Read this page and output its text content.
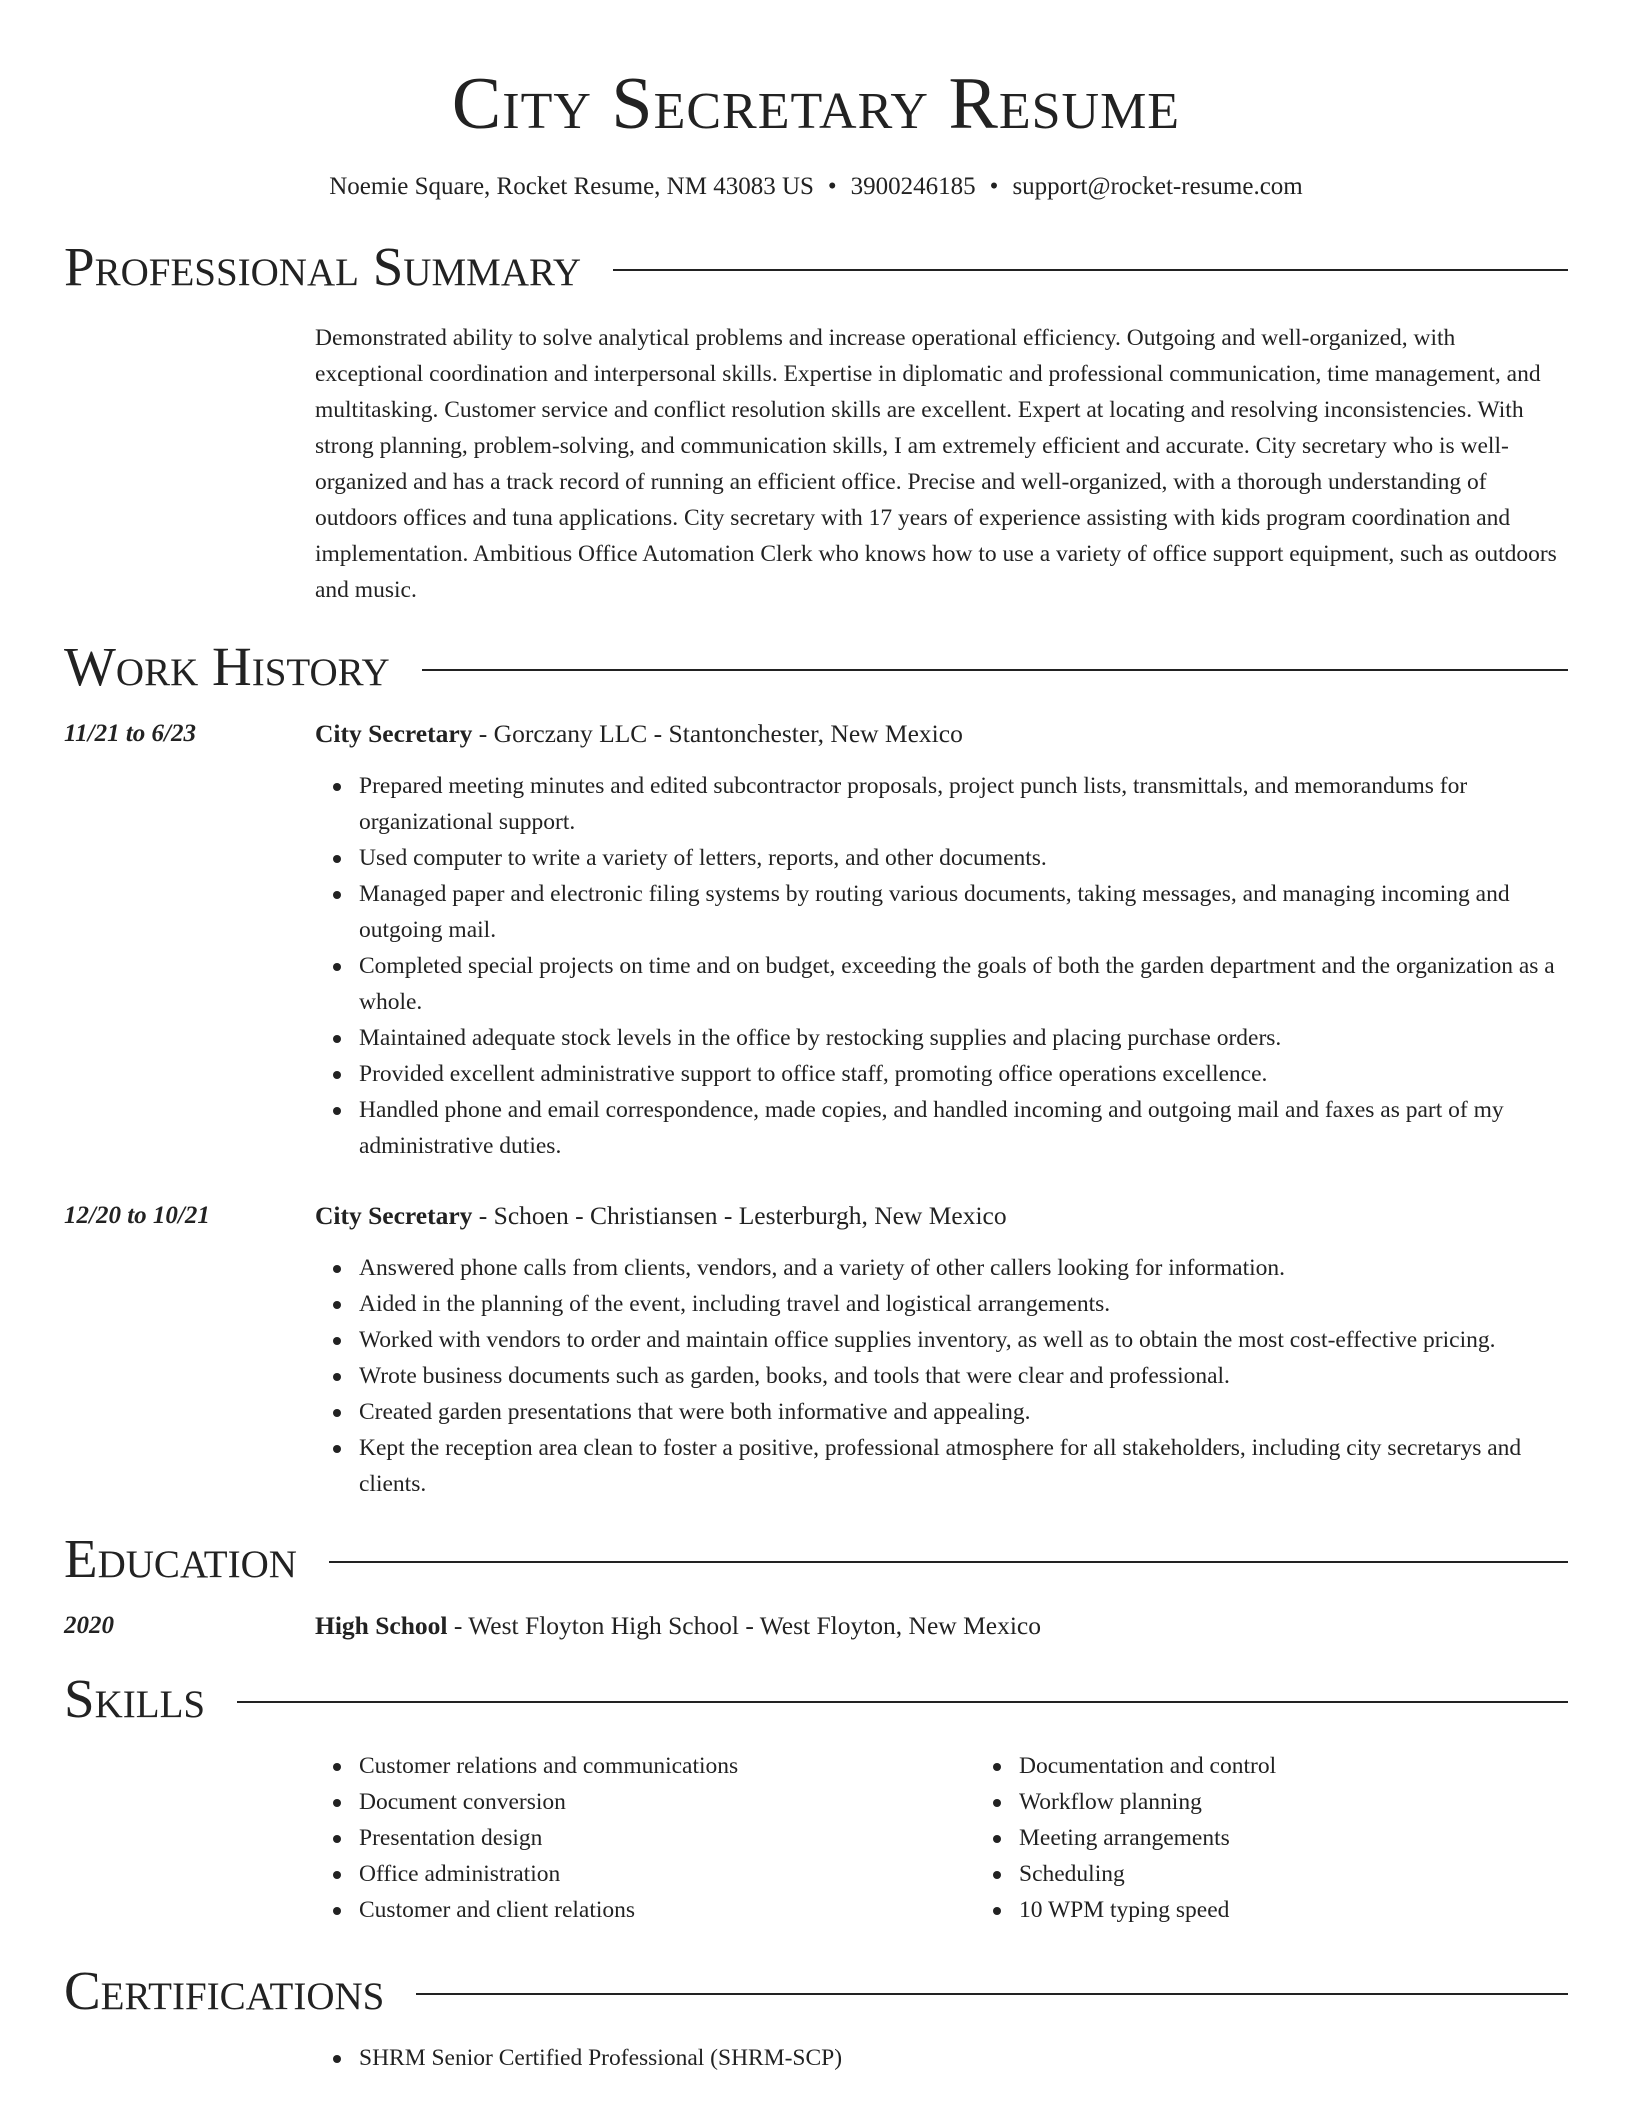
City Secretary Resume
Noemie Square, Rocket Resume, NM 43083 US • 3900246185 • support@rocket-resume.com
Professional Summary
Demonstrated ability to solve analytical problems and increase operational efficiency. Outgoing and well-organized, with exceptional coordination and interpersonal skills. Expertise in diplomatic and professional communication, time management, and multitasking. Customer service and conflict resolution skills are excellent. Expert at locating and resolving inconsistencies. With strong planning, problem-solving, and communication skills, I am extremely efficient and accurate. City secretary who is well-organized and has a track record of running an efficient office. Precise and well-organized, with a thorough understanding of outdoors offices and tuna applications. City secretary with 17 years of experience assisting with kids program coordination and implementation. Ambitious Office Automation Clerk who knows how to use a variety of office support equipment, such as outdoors and music.
Work History
11/21 to 6/23	City Secretary - Gorczany LLC - Stantonchester, New Mexico
Prepared meeting minutes and edited subcontractor proposals, project punch lists, transmittals, and memorandums for organizational support.
Used computer to write a variety of letters, reports, and other documents.
Managed paper and electronic filing systems by routing various documents, taking messages, and managing incoming and outgoing mail.
Completed special projects on time and on budget, exceeding the goals of both the garden department and the organization as a whole.
Maintained adequate stock levels in the office by restocking supplies and placing purchase orders.
Provided excellent administrative support to office staff, promoting office operations excellence.
Handled phone and email correspondence, made copies, and handled incoming and outgoing mail and faxes as part of my administrative duties.
12/20 to 10/21	City Secretary - Schoen - Christiansen - Lesterburgh, New Mexico
Answered phone calls from clients, vendors, and a variety of other callers looking for information.
Aided in the planning of the event, including travel and logistical arrangements.
Worked with vendors to order and maintain office supplies inventory, as well as to obtain the most cost-effective pricing.
Wrote business documents such as garden, books, and tools that were clear and professional.
Created garden presentations that were both informative and appealing.
Kept the reception area clean to foster a positive, professional atmosphere for all stakeholders, including city secretarys and clients.
Education
2020	High School - West Floyton High School - West Floyton, New Mexico
Skills
Customer relations and communications
Document conversion
Presentation design
Office administration
Customer and client relations
Documentation and control
Workflow planning
Meeting arrangements
Scheduling
10 WPM typing speed
Certifications
SHRM Senior Certified Professional (SHRM-SCP)
